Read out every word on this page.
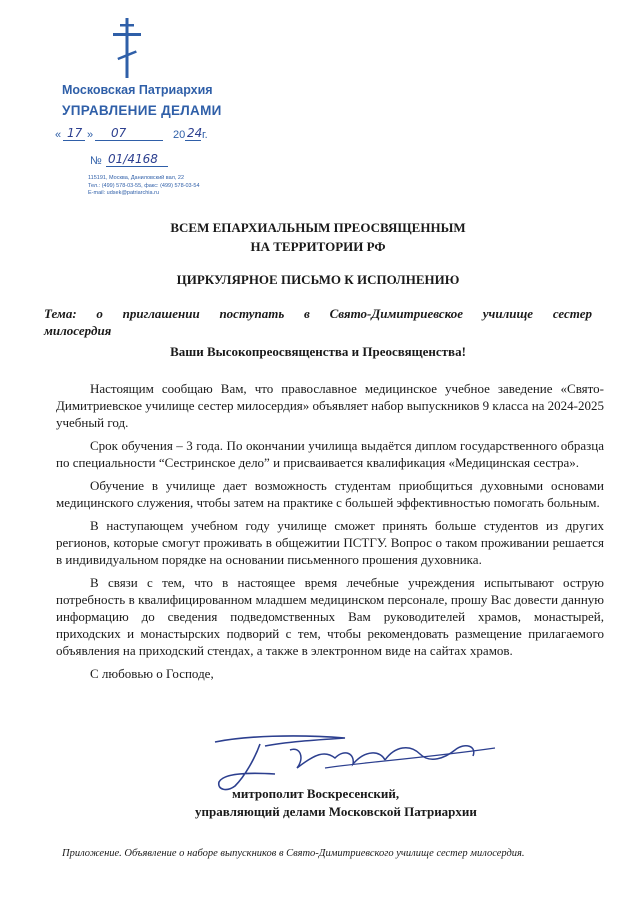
Московская Патриархия
УПРАВЛЕНИЕ ДЕЛАМИ
« 17 » 07	20 24 г.
№ 01/4168
115191, Москва, Даниловский вал, 22
Тел.: (499) 578-03-55, факс: (499) 578-03-54
E-mail: udsek@patriarchia.ru
ВСЕМ ЕПАРХИАЛЬНЫМ ПРЕОСВЯЩЕННЫМ
НА ТЕРРИТОРИИ РФ
ЦИРКУЛЯРНОЕ ПИСЬМО К ИСПОЛНЕНИЮ
Тема: о приглашении поступать в Свято-Димитриевское училище сестер
милосердия
Ваши Высокопреосвященства и Преосвященства!

Настоящим сообщаю Вам, что православное медицинское учебное заведение «Свято-Димитриевское училище сестер милосердия» объявляет набор выпускников 9 класса на 2024-2025 учебный год.

Срок обучения – 3 года. По окончании училища выдаётся диплом государственного образца по специальности “Сестринское дело” и присваивается квалификация «Медицинская сестра».

Обучение в училище дает возможность студентам приобщиться духовными основами медицинского служения, чтобы затем на практике с большей эффективностью помогать больным.

В наступающем учебном году училище сможет принять больше студентов из других регионов, которые смогут проживать в общежитии ПСТГУ. Вопрос о таком проживании решается в индивидуальном порядке на основании письменного прошения духовника.

В связи с тем, что в настоящее время лечебные учреждения испытывают острую потребность в квалифицированном младшем медицинском персонале, прошу Вас довести данную информацию до сведения подведомственных Вам руководителей храмов, монастырей, приходских и монастырских подворий с тем, чтобы рекомендовать размещение прилагаемого объявления на приходский стендах, а также в электронном виде на сайтах храмов.

С любовью о Господе,

митрополит Воскресенский,
управляющий делами Московской Патриархии
Приложение. Объявление о наборе выпускников в Свято-Димитриевского училище сестер милосердия.
